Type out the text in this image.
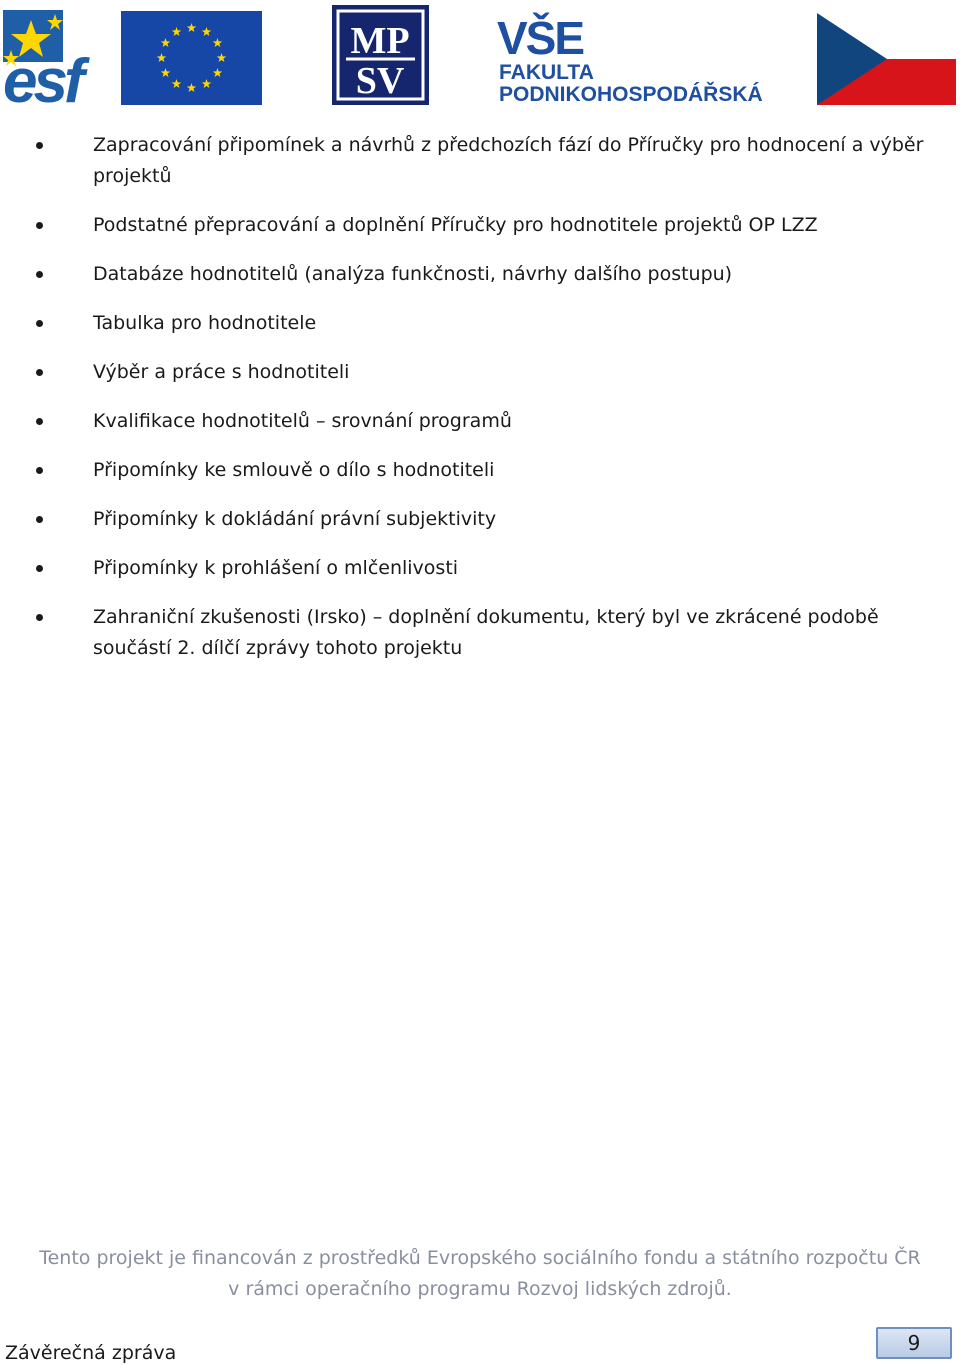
esf
MP
SV
VŠE
FAKULTA
PODNIKOHOSPODÁŘSKÁ
Zapracování připomínek a návrhů z předchozích fází do Příručky pro hodnocení a výběr projektů
Podstatné přepracování a doplnění Příručky pro hodnotitele projektů OP LZZ
Databáze hodnotitelů (analýza funkčnosti, návrhy dalšího postupu)
Tabulka pro hodnotitele
Výběr a práce s hodnotiteli
Kvalifikace hodnotitelů – srovnání programů
Připomínky ke smlouvě o dílo s hodnotiteli
Připomínky k dokládání právní subjektivity
Připomínky k prohlášení o mlčenlivosti
Zahraniční zkušenosti (Irsko) – doplnění dokumentu, který byl ve zkrácené podobě součástí 2. dílčí zprávy tohoto projektu
Tento projekt je financován z prostředků Evropského sociálního fondu a státního rozpočtu ČR
v rámci operačního programu Rozvoj lidských zdrojů.
Závěrečná zpráva	9
